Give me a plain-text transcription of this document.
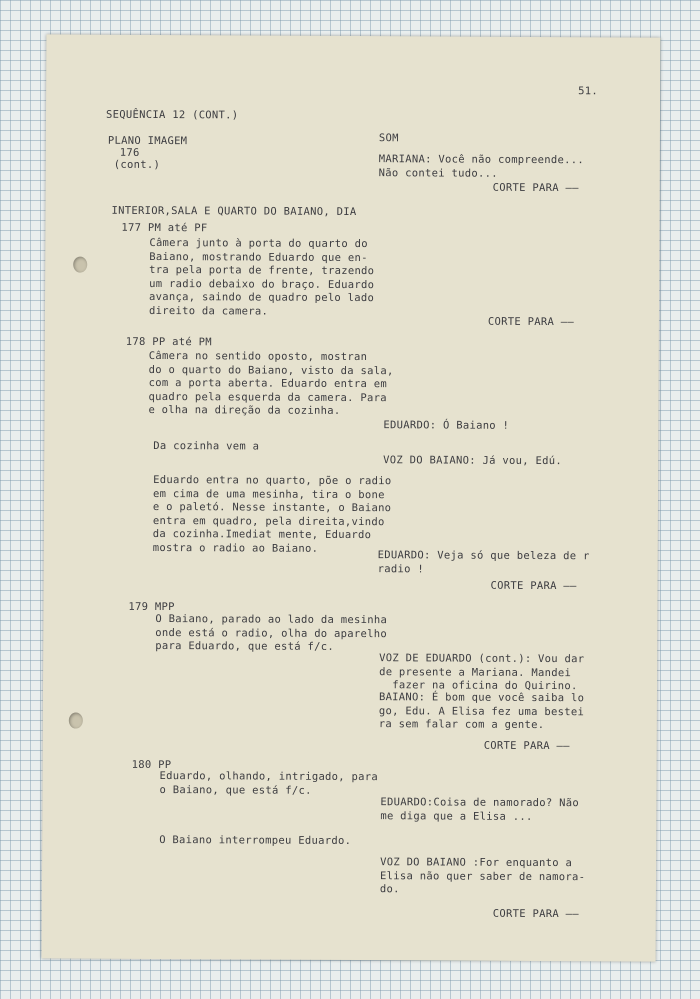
51.

SEQUÊNCIA 12 (CONT.)

PLANO IMAGEM	SOM

176

(cont.)	MARIANA: Você não compreende...
Não contei tudo...

CORTE PARA ——

INTERIOR,SALA E QUARTO DO BAIANO, DIA

177 PM até PF

Câmera junto à porta do quarto do
Baiano, mostrando Eduardo que en-
tra pela porta de frente, trazendo
um radio debaixo do braço. Eduardo
avança, saindo de quadro pelo lado
direito da camera.

CORTE PARA ——

178 PP até PM

Câmera no sentido oposto, mostran
do o quarto do Baiano, visto da sala,
com a porta aberta. Eduardo entra em
quadro pela esquerda da camera. Para
e olha na direção da cozinha.

EDUARDO: Ó Baiano !

Da cozinha vem a

VOZ DO BAIANO: Já vou, Edú.

Eduardo entra no quarto, põe o radio
em cima de uma mesinha, tira o bone
e o paletó. Nesse instante, o Baiano
entra em quadro, pela direita,vindo
da cozinha.Imediat mente, Eduardo
mostra o radio ao Baiano.

EDUARDO: Veja só que beleza de r
radio !

CORTE PARA ——

179 MPP

O Baiano, parado ao lado da mesinha
onde está o radio, olha do aparelho
para Eduardo, que está f/c.

VOZ DE EDUARDO (cont.): Vou dar
de presente a Mariana. Mandei
fazer na oficina do Quirino.

BAIANO: É bom que você saiba lo
go, Edu. A Elisa fez uma bestei
ra sem falar com a gente.

CORTE PARA ——

180 PP

Eduardo, olhando, intrigado, para
o Baiano, que está f/c.

EDUARDO:Coisa de namorado? Não
me diga que a Elisa ...

O Baiano interrompeu Eduardo.

VOZ DO BAIANO :For enquanto a
Elisa não quer saber de namora-
do.

CORTE PARA ——
